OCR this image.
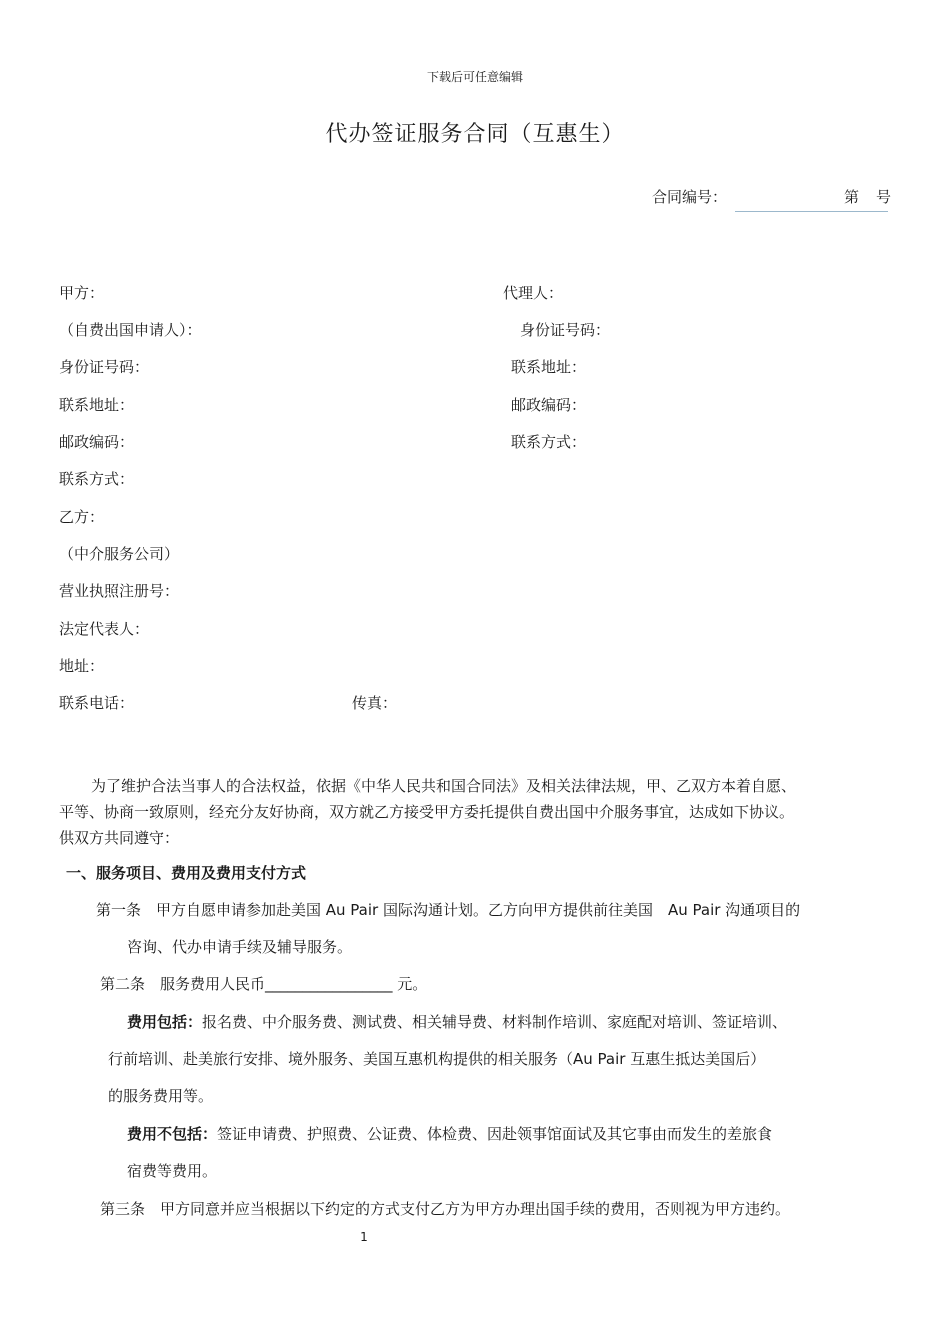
下载后可任意编辑
代办签证服务合同（互惠生）
合同编号：	第 号
甲方：
（自费出国申请人）：
身份证号码：
联系地址：
邮政编码：
联系方式：
代理人：
身份证号码：
联系地址：
邮政编码：
联系方式：
乙方：
（中介服务公司）
营业执照注册号：
法定代表人：
地址：
联系电话：	传真：
为了维护合法当事人的合法权益，依据《中华人民共和国合同法》及相关法律法规，甲、乙双方本着自愿、
平等、协商一致原则，经充分友好协商，双方就乙方接受甲方委托提供自费出国中介服务事宜，达成如下协议。
供双方共同遵守：
一、服务项目、费用及费用支付方式
第一条　甲方自愿申请参加赴美国 Au Pair 国际沟通计划。乙方向甲方提供前往美国　Au Pair 沟通项目的
咨询、代办申请手续及辅导服务。
第二条　服务费用人民币_________________ 元。
费用包括：报名费、中介服务费、测试费、相关辅导费、材料制作培训、家庭配对培训、签证培训、
行前培训、赴美旅行安排、境外服务、美国互惠机构提供的相关服务（Au Pair 互惠生抵达美国后）
的服务费用等。
费用不包括：签证申请费、护照费、公证费、体检费、因赴领事馆面试及其它事由而发生的差旅食
宿费等费用。
第三条　甲方同意并应当根据以下约定的方式支付乙方为甲方办理出国手续的费用，否则视为甲方违约。
1
